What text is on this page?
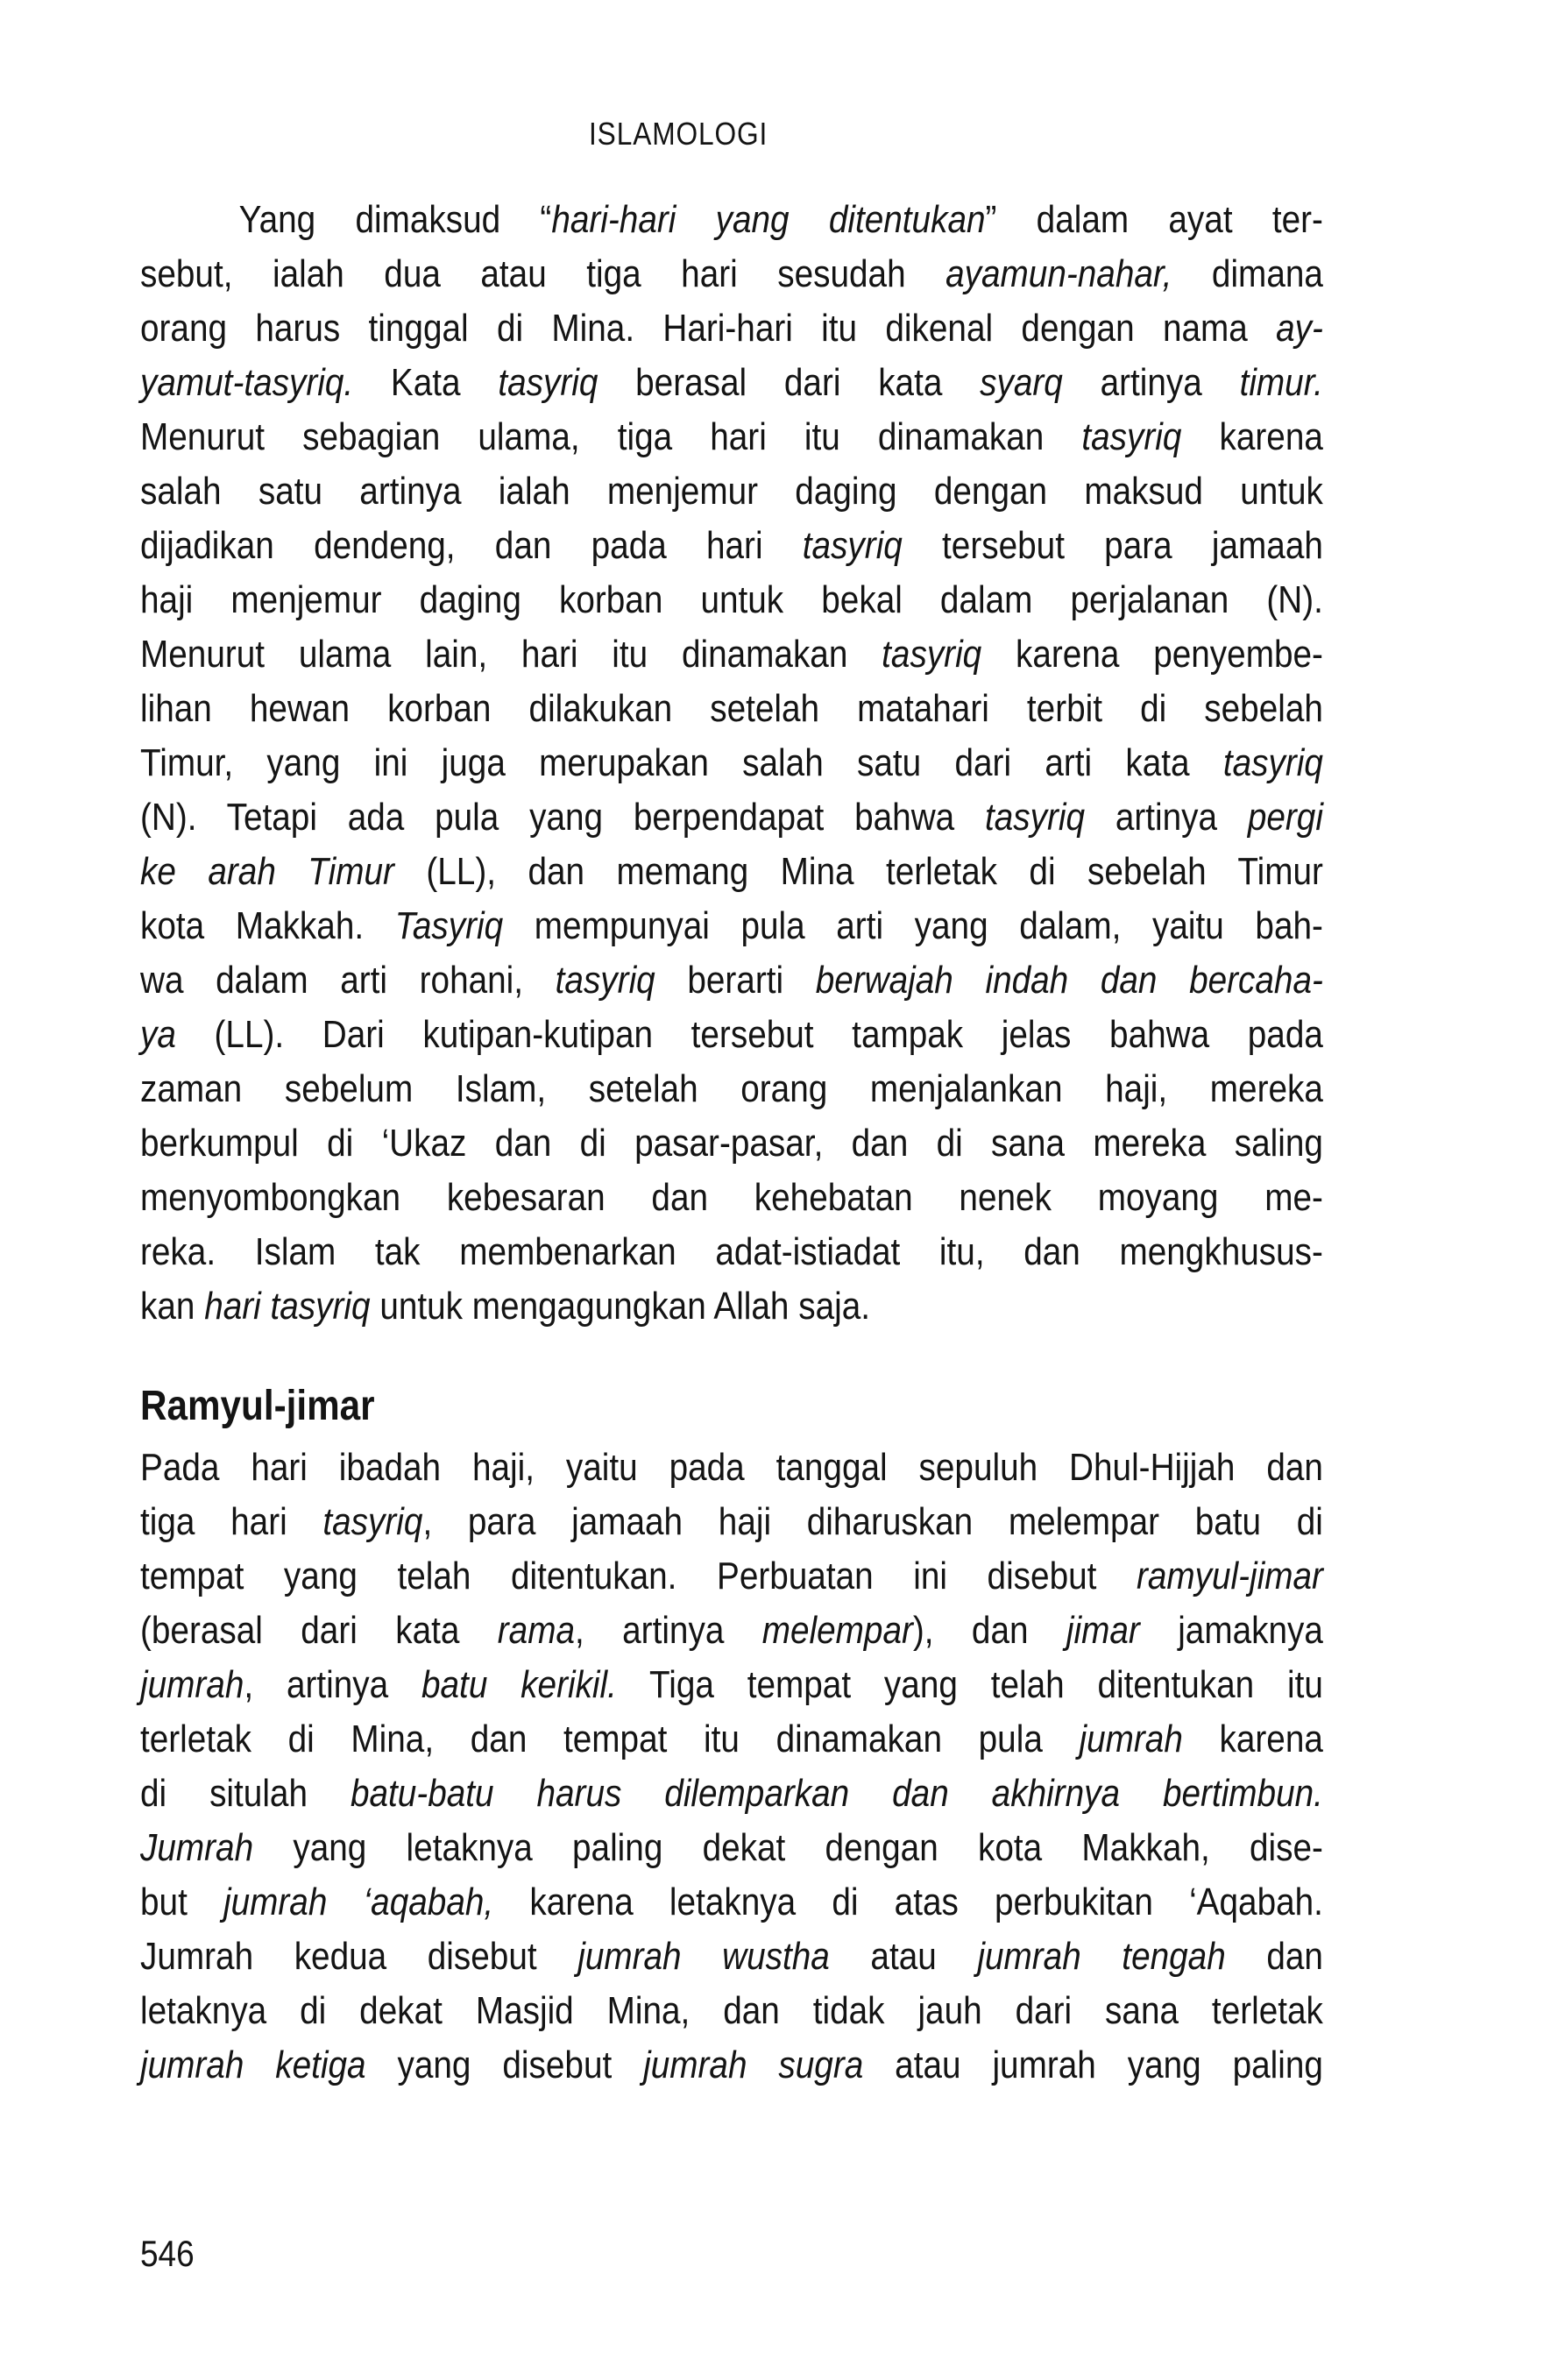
ISLAMOLOGI
Yang dimaksud “hari-hari yang ditentukan” dalam ayat ter-
sebut, ialah dua atau tiga hari sesudah ayamun-nahar, dimana
orang harus tinggal di Mina. Hari-hari itu dikenal dengan nama ay-
yamut-tasyriq. Kata tasyriq berasal dari kata syarq artinya timur.
Menurut sebagian ulama, tiga hari itu dinamakan tasyriq karena
salah satu artinya ialah menjemur daging dengan maksud untuk
dijadikan dendeng, dan pada hari tasyriq tersebut para jamaah
haji menjemur daging korban untuk bekal dalam perjalanan (N).
Menurut ulama lain, hari itu dinamakan tasyriq karena penyembe-
lihan hewan korban dilakukan setelah matahari terbit di sebelah
Timur, yang ini juga merupakan salah satu dari arti kata tasyriq
(N). Tetapi ada pula yang berpendapat bahwa tasyriq artinya pergi
ke arah Timur (LL), dan memang Mina terletak di sebelah Timur
kota Makkah. Tasyriq mempunyai pula arti yang dalam, yaitu bah-
wa dalam arti rohani, tasyriq berarti berwajah indah dan bercaha-
ya (LL). Dari kutipan-kutipan tersebut tampak jelas bahwa pada
zaman sebelum Islam, setelah orang menjalankan haji, mereka
berkumpul di ‘Ukaz dan di pasar-pasar, dan di sana mereka saling
menyombongkan kebesaran dan kehebatan nenek moyang me-
reka. Islam tak membenarkan adat-istiadat itu, dan mengkhusus-
kan hari tasyriq untuk mengagungkan Allah saja.
Ramyul-jimar
Pada hari ibadah haji, yaitu pada tanggal sepuluh Dhul-Hijjah dan
tiga hari tasyriq, para jamaah haji diharuskan melempar batu di
tempat yang telah ditentukan. Perbuatan ini disebut ramyul-jimar
(berasal dari kata rama, artinya melempar), dan jimar jamaknya
jumrah, artinya batu kerikil. Tiga tempat yang telah ditentukan itu
terletak di Mina, dan tempat itu dinamakan pula jumrah karena
di situlah batu-batu harus dilemparkan dan akhirnya bertimbun.
Jumrah yang letaknya paling dekat dengan kota Makkah, dise-
but jumrah ‘aqabah, karena letaknya di atas perbukitan ‘Aqabah.
Jumrah kedua disebut jumrah wustha atau jumrah tengah dan
letaknya di dekat Masjid Mina, dan tidak jauh dari sana terletak
jumrah ketiga yang disebut jumrah sugra atau jumrah yang paling
546
